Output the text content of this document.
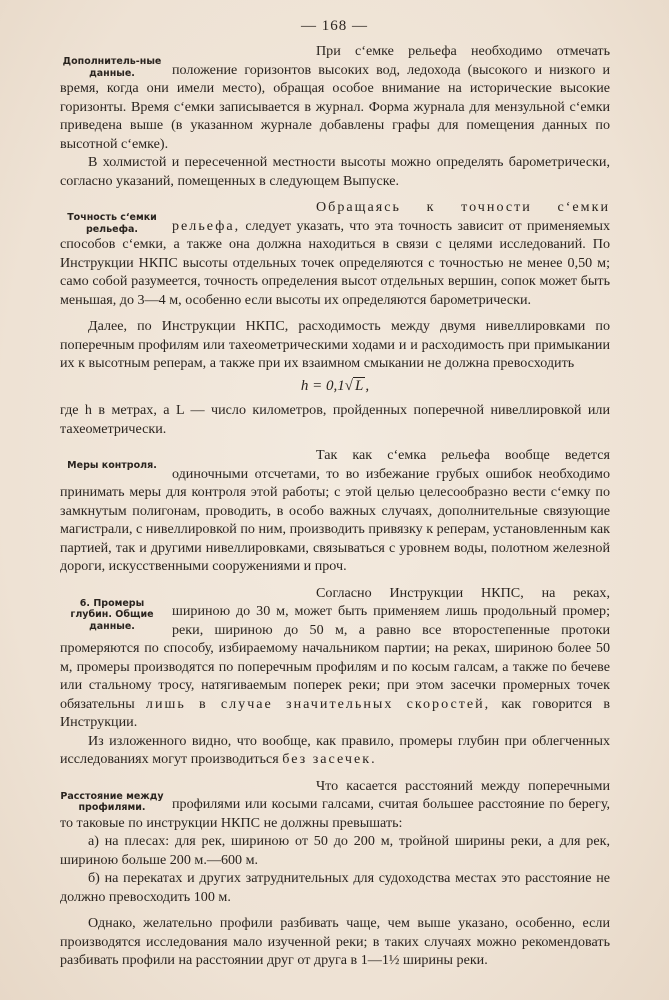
— 168 —
Дополнитель-ные данные.

При с‘емке рельефа необходимо отмечать положение горизонтов высоких вод, ледохода (высокого и низкого и время, когда они имели место), обращая особое внимание на исторические высокие горизонты. Время с‘емки записывается в журнал. Форма журнала для мензульной с‘емки приведена выше (в указанном журнале добавлены графы для помещения данных по высотной с‘емке).

В холмистой и пересеченной местности высоты можно определять барометрически, согласно указаний, помещенных в следующем Выпуске.

Точность с‘емки рельефа.

Обращаясь к точности с‘емки рельефа, следует указать, что эта точность зависит от применяемых способов с‘емки, а также она должна находиться в связи с целями исследований. По Инструкции НКПС высоты отдельных точек определяются с точностью не менее 0,50 м; само собой разумеется, точность определения высот отдельных вершин, сопок может быть меньшая, до 3—4 м, особенно если высоты их определяются барометрически.

Далее, по Инструкции НКПС, расходимость между двумя нивеллировками по поперечным профилям или тахеометрическими ходами и и расходимость при примыкании их к высотным реперам, а также при их взаимном смыкании не должна превосходить

h = 0,1√ L ,

где h в метрах, а L — число километров, пройденных поперечной нивеллировкой или тахеометрически.

Меры контроля.

Так как с‘емка рельефа вообще ведется одиночными отсчетами, то во избежание грубых ошибок необходимо принимать меры для контроля этой работы; с этой целью целесообразно вести с‘емку по замкнутым полигонам, проводить, в особо важных случаях, дополнительные связующие магистрали, с нивеллировкой по ним, производить привязку к реперам, установленным как партией, так и другими нивеллировками, связываться с уровнем воды, полотном железной дороги, искусственными сооружениями и проч.

6. Промеры глубин. Общие данные.

Согласно Инструкции НКПС, на реках, шириною до 30 м, может быть применяем лишь продольный промер; реки, шириною до 50 м, а равно все второстепенные протоки промеряются по способу, избираемому начальником партии; на реках, шириною более 50 м, промеры производятся по поперечным профилям и по косым галсам, а также по бечеве или стальному тросу, натягиваемым поперек реки; при этом засечки промерных точек обязательны лишь в случае значительных скоростей, как говорится в Инструкции.

Из изложенного видно, что вообще, как правило, промеры глубин при облегченных исследованиях могут производиться без засечек.

Расстояние между профилями.

Что касается расстояний между поперечными профилями или косыми галсами, считая большее расстояние по берегу, то таковые по инструкции НКПС не должны превышать:

а) на плесах: для рек, шириною от 50 до 200 м, тройной ширины реки, а для рек, шириною больше 200 м.—600 м.

б) на перекатах и других затруднительных для судоходства местах это расстояние не должно превосходить 100 м.

Однако, желательно профили разбивать чаще, чем выше указано, особенно, если производятся исследования мало изученной реки; в таких случаях можно рекомендовать разбивать профили на расстоянии друг от друга в 1—1½ ширины реки.
